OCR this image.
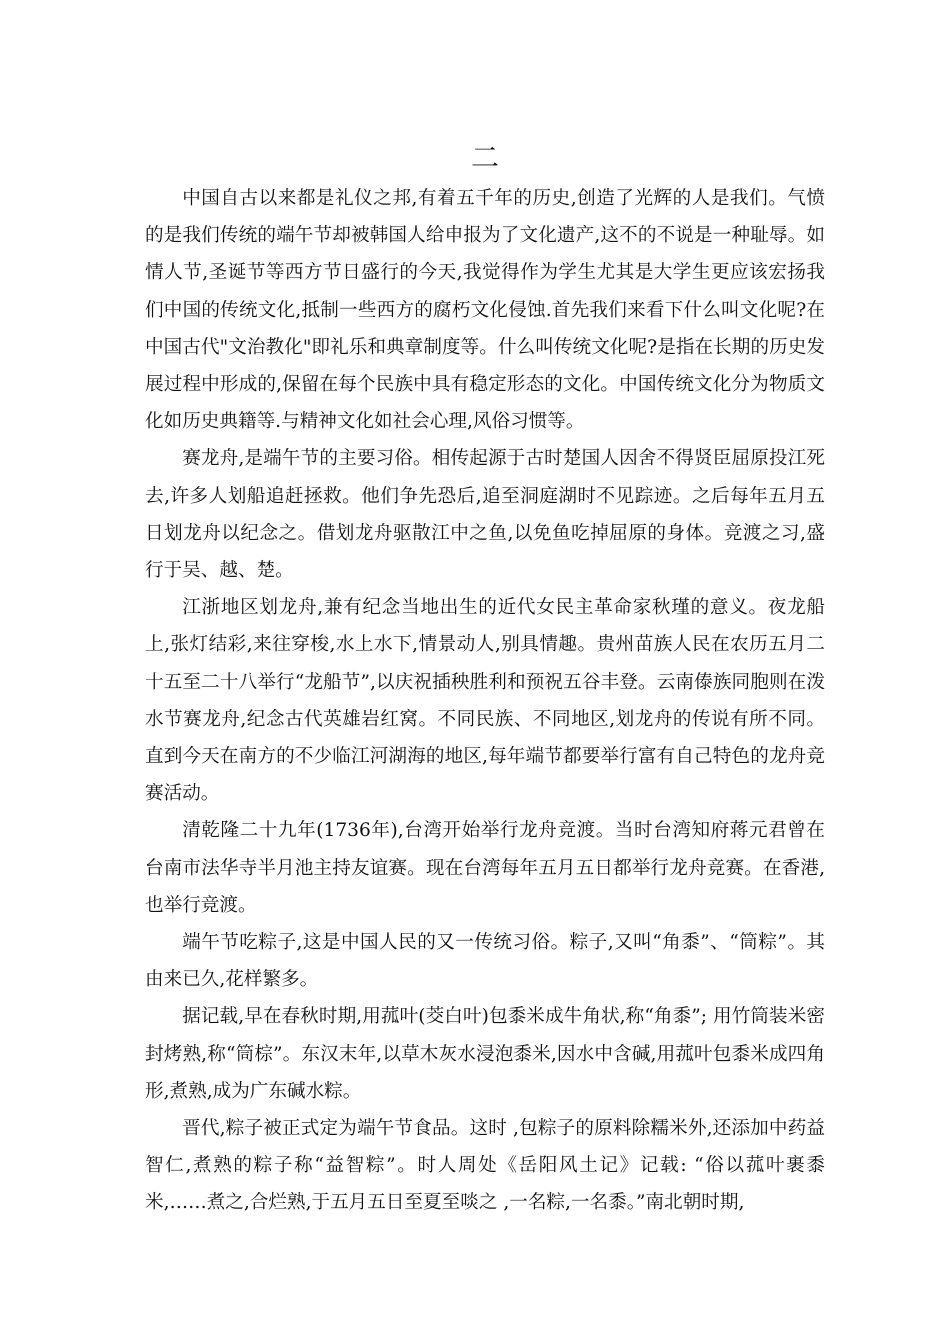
二

中国自古以来都是礼仪之邦,有着五千年的历史,创造了光辉的人是我们。气愤的是我们传统的端午节却被韩国人给申报为了文化遗产,这不的不说是一种耻辱。如情人节,圣诞节等西方节日盛行的今天,我觉得作为学生尤其是大学生更应该宏扬我们中国的传统文化,抵制一些西方的腐朽文化侵蚀.首先我们来看下什么叫文化呢?在中国古代"文治教化"即礼乐和典章制度等。什么叫传统文化呢?是指在长期的历史发展过程中形成的,保留在每个民族中具有稳定形态的文化。中国传统文化分为物质文化如历史典籍等.与精神文化如社会心理,风俗习惯等。

赛龙舟,是端午节的主要习俗。相传起源于古时楚国人因舍不得贤臣屈原投江死去,许多人划船追赶拯救。他们争先恐后,追至洞庭湖时不见踪迹。之后每年五月五日划龙舟以纪念之。借划龙舟驱散江中之鱼,以免鱼吃掉屈原的身体。竞渡之习,盛行于吴、越、楚。

江浙地区划龙舟,兼有纪念当地出生的近代女民主革命家秋瑾的意义。夜龙船上,张灯结彩,来往穿梭,水上水下,情景动人,别具情趣。贵州苗族人民在农历五月二十五至二十八举行“龙船节”,以庆祝插秧胜利和预祝五谷丰登。云南傣族同胞则在泼水节赛龙舟,纪念古代英雄岩红窝。不同民族、不同地区,划龙舟的传说有所不同。直到今天在南方的不少临江河湖海的地区,每年端节都要举行富有自己特色的龙舟竞赛活动。

清乾隆二十九年(1736年),台湾开始举行龙舟竞渡。当时台湾知府蒋元君曾在台南市法华寺半月池主持友谊赛。现在台湾每年五月五日都举行龙舟竞赛。在香港,也举行竞渡。

端午节吃粽子,这是中国人民的又一传统习俗。粽子,又叫“角黍”、“筒粽”。其由来已久,花样繁多。

据记载,早在春秋时期,用菰叶(茭白叶)包黍米成牛角状,称“角黍”; 用竹筒装米密封烤熟,称“筒棕”。东汉末年,以草木灰水浸泡黍米,因水中含碱,用菰叶包黍米成四角形,煮熟,成为广东碱水粽。

晋代,粽子被正式定为端午节食品。这时 ,包粽子的原料除糯米外,还添加中药益智仁,煮熟的粽子称“益智粽”。时人周处《岳阳风土记》记载: “俗以菰叶裹黍米,……煮之,合烂熟,于五月五日至夏至啖之 ,一名粽,一名黍。”南北朝时期,
